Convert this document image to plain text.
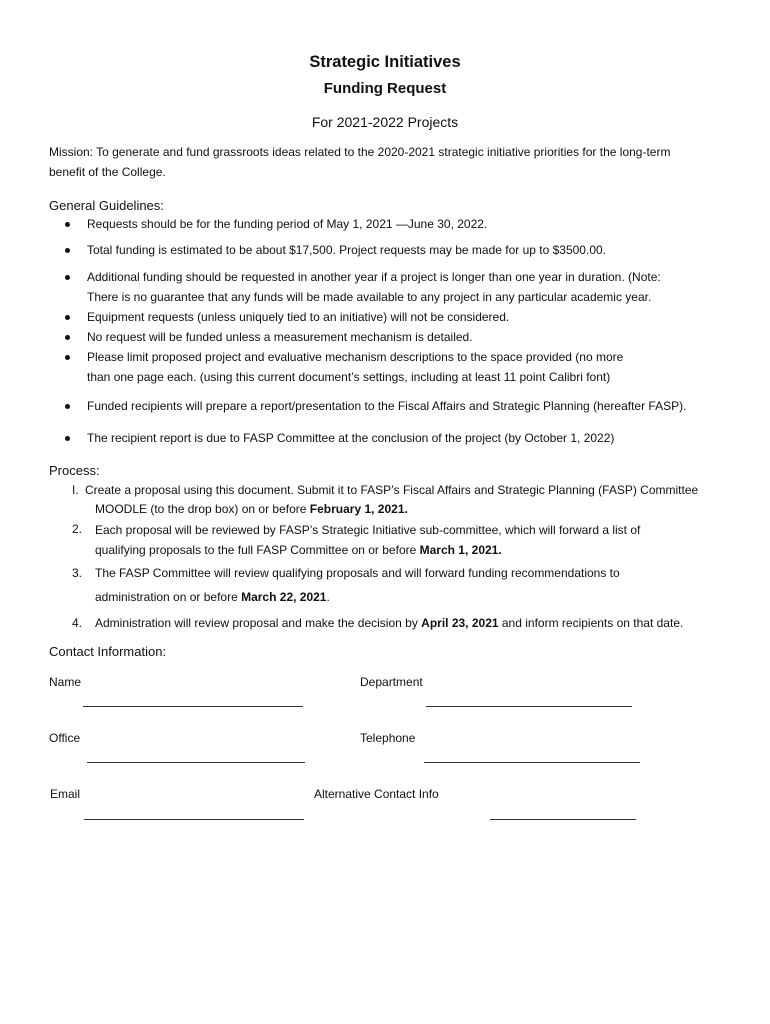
Strategic Initiatives
Funding Request
For 2021-2022 Projects
Mission: To generate and fund grassroots ideas related to the 2020-2021 strategic initiative priorities for the long-term
benefit of the College.
General Guidelines:
Requests should be for the funding period of May 1, 2021 —June 30, 2022.
Total funding is estimated to be about $17,500. Project requests may be made for up to $3500.00.
Additional funding should be requested in another year if a project is longer than one year in duration. (Note:
There is no guarantee that any funds will be made available to any project in any particular academic year.
Equipment requests (unless uniquely tied to an initiative) will not be considered.
No request will be funded unless a measurement mechanism is detailed.
Please limit proposed project and evaluative mechanism descriptions to the space provided (no more
than one page each. (using this current document’s settings, including at least 11 point Calibri font)
Funded recipients will prepare a report/presentation to the Fiscal Affairs and Strategic Planning (hereafter FASP).
The recipient report is due to FASP Committee at the conclusion of the project (by October 1, 2022)
Process:
I. Create a proposal using this document. Submit it to FASP’s Fiscal Affairs and Strategic Planning (FASP) Committee
MOODLE (to the drop box) on or before February 1, 2021.
2. Each proposal will be reviewed by FASP’s Strategic Initiative sub-committee, which will forward a list of
qualifying proposals to the full FASP Committee on or before March 1, 2021.
3. The FASP Committee will review qualifying proposals and will forward funding recommendations to
administration on or before March 22, 2021.
4. Administration will review proposal and make the decision by April 23, 2021 and inform recipients on that date.
Contact Information:
Name	Department
Office	Telephone
Email	Alternative Contact Info
